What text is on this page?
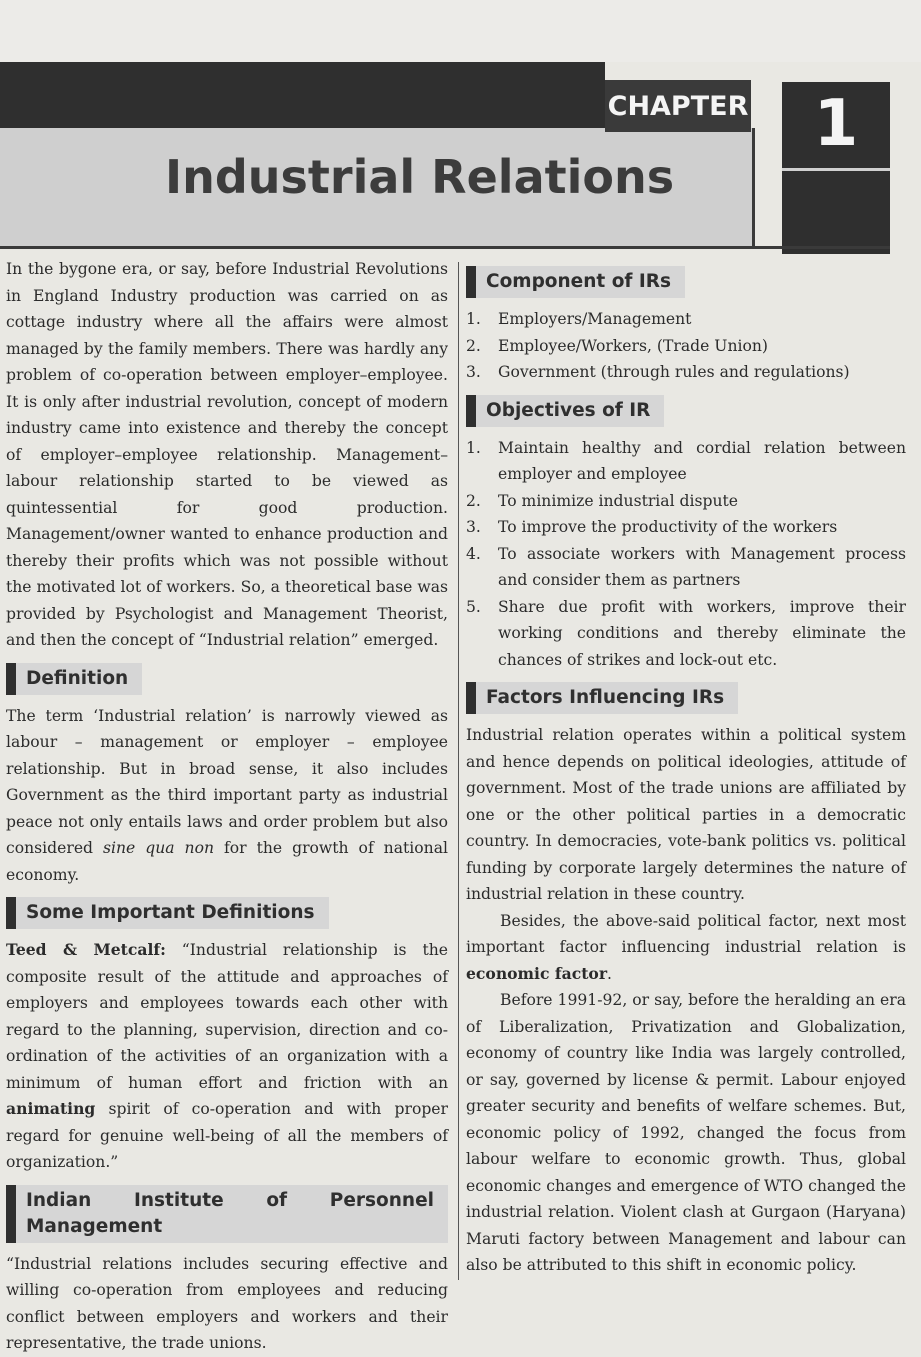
CHAPTER
Industrial Relations
1

In the bygone era, or say, before Industrial Revolutions in England Industry production was carried on as cottage industry where all the affairs were almost managed by the family members. There was hardly any problem of co-operation between employer–employee. It is only after industrial revolution, concept of modern industry came into existence and thereby the concept of employer–employee relationship. Management–labour relationship started to be viewed as quintessential for good production. Management/owner wanted to enhance production and thereby their profits which was not possible without the motivated lot of workers. So, a theoretical base was provided by Psychologist and Management Theorist, and then the concept of “Industrial relation” emerged.

Definition

The term ‘Industrial relation’ is narrowly viewed as labour – management or employer – employee relationship. But in broad sense, it also includes Government as the third important party as industrial peace not only entails laws and order problem but also considered sine qua non for the growth of national economy.

Some Important Definitions

Teed & Metcalf: “Industrial relationship is the composite result of the attitude and approaches of employers and employees towards each other with regard to the planning, supervision, direction and co-ordination of the activities of an organization with a minimum of human effort and friction with an animating spirit of co-operation and with proper regard for genuine well-being of all the members of organization.”

Indian Institute of Personnel Management

“Industrial relations includes securing effective and willing co-operation from employees and reducing conflict between employers and workers and their representative, the trade unions.

Component of IRs
1. Employers/Management
2. Employee/Workers, (Trade Union)
3. Government (through rules and regulations)
Objectives of IR
1. Maintain healthy and cordial relation between employer and employee
2. To minimize industrial dispute
3. To improve the productivity of the workers
4. To associate workers with Management process and consider them as partners
5. Share due profit with workers, improve their working conditions and thereby eliminate the chances of strikes and lock-out etc.
Factors Influencing IRs

Industrial relation operates within a political system and hence depends on political ideologies, attitude of government. Most of the trade unions are affiliated by one or the other political parties in a democratic country. In democracies, vote-bank politics vs. political funding by corporate largely determines the nature of industrial relation in these country.

Besides, the above-said political factor, next most important factor influencing industrial relation is economic factor.

Before 1991-92, or say, before the heralding an era of Liberalization, Privatization and Globalization, economy of country like India was largely controlled, or say, governed by license & permit. Labour enjoyed greater security and benefits of welfare schemes. But, economic policy of 1992, changed the focus from labour welfare to economic growth. Thus, global economic changes and emergence of WTO changed the industrial relation. Violent clash at Gurgaon (Haryana) Maruti factory between Management and labour can also be attributed to this shift in economic policy.
